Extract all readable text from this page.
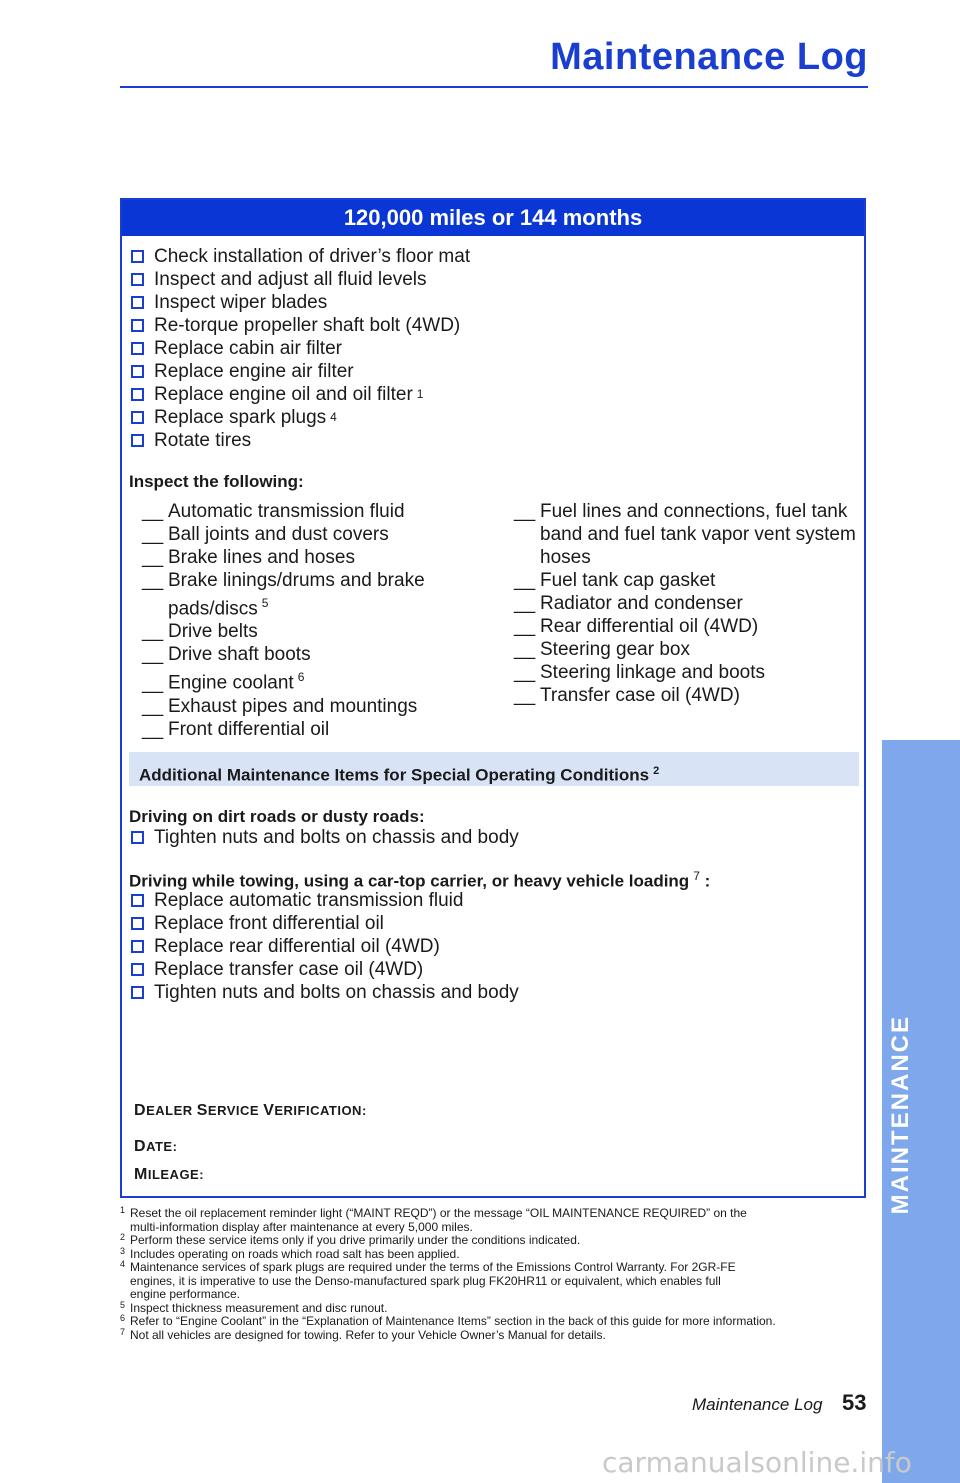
Maintenance Log
MAINTENANCE
120,000 miles or 144 months
Check installation of driver’s floor mat
Inspect and adjust all fluid levels
Inspect wiper blades
Re-torque propeller shaft bolt (4WD)
Replace cabin air filter
Replace engine air filter
Replace engine oil and oil filter 1
Replace spark plugs 4
Rotate tires
Inspect the following:
__ Automatic transmission fluid
__ Ball joints and dust covers
__ Brake lines and hoses
__ Brake linings/drums and brake
pads/discs $^5$
__ Drive belts
__ Drive shaft boots
__ Engine coolant $^6$
__ Exhaust pipes and mountings
__ Front differential oil
__ Fuel lines and connections, fuel tank
band and fuel tank vapor vent system
hoses
__ Fuel tank cap gasket
__ Radiator and condenser
__ Rear differential oil (4WD)
__ Steering gear box
__ Steering linkage and boots
__ Transfer case oil (4WD)
Additional Maintenance Items for Special Operating Conditions $^2$
Driving on dirt roads or dusty roads:
Tighten nuts and bolts on chassis and body
Driving while towing, using a car-top carrier, or heavy vehicle loading $^7$ :
Replace automatic transmission fluid
Replace front differential oil
Replace rear differential oil (4WD)
Replace transfer case oil (4WD)
Tighten nuts and bolts on chassis and body
DEALER SERVICE VERIFICATION:
DATE:
MILEAGE:
1 Reset the oil replacement reminder light (“MAINT REQD”) or the message “OIL MAINTENANCE REQUIRED” on the
multi-information display after maintenance at every 5,000 miles.
2 Perform these service items only if you drive primarily under the conditions indicated.
3 Includes operating on roads which road salt has been applied.
4 Maintenance services of spark plugs are required under the terms of the Emissions Control Warranty. For 2GR-FE
engines, it is imperative to use the Denso-manufactured spark plug FK20HR11 or equivalent, which enables full
engine performance.
5 Inspect thickness measurement and disc runout.
6 Refer to “Engine Coolant” in the “Explanation of Maintenance Items” section in the back of this guide for more information.
7 Not all vehicles are designed for towing. Refer to your Vehicle Owner’s Manual for details.
Maintenance Log 53
carmanualsonline.info
